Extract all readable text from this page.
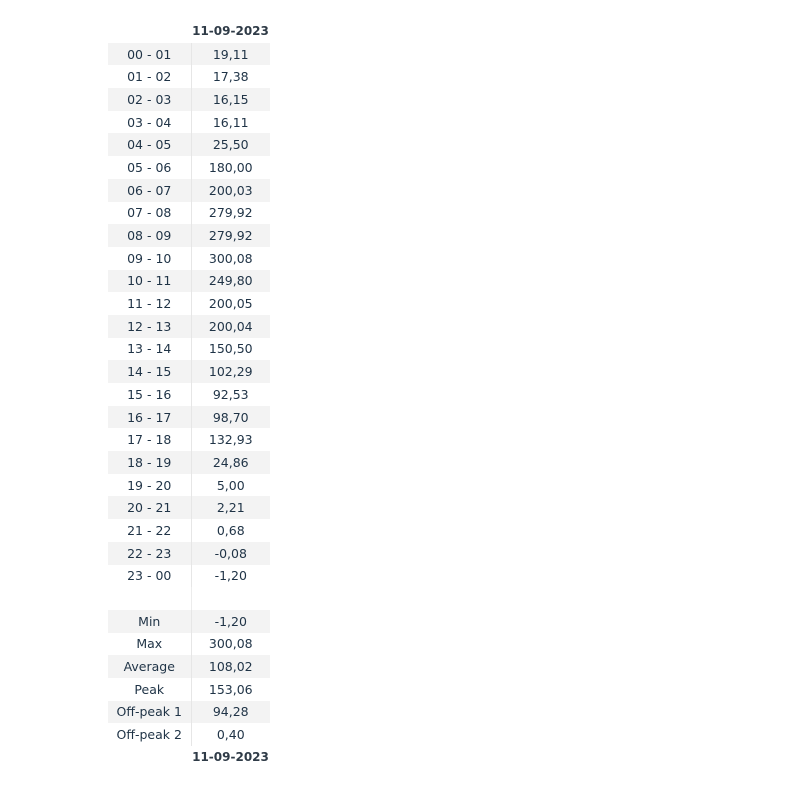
	11-09-2023
00 - 01	19,11
01 - 02	17,38
02 - 03	16,15
03 - 04	16,11
04 - 05	25,50
05 - 06	180,00
06 - 07	200,03
07 - 08	279,92
08 - 09	279,92
09 - 10	300,08
10 - 11	249,80
11 - 12	200,05
12 - 13	200,04
13 - 14	150,50
14 - 15	102,29
15 - 16	92,53
16 - 17	98,70
17 - 18	132,93
18 - 19	24,86
19 - 20	5,00
20 - 21	2,21
21 - 22	0,68
22 - 23	-0,08
23 - 00	-1,20

Min	-1,20
Max	300,08
Average	108,02
Peak	153,06
Off-peak 1	94,28
Off-peak 2	0,40
	11-09-2023
